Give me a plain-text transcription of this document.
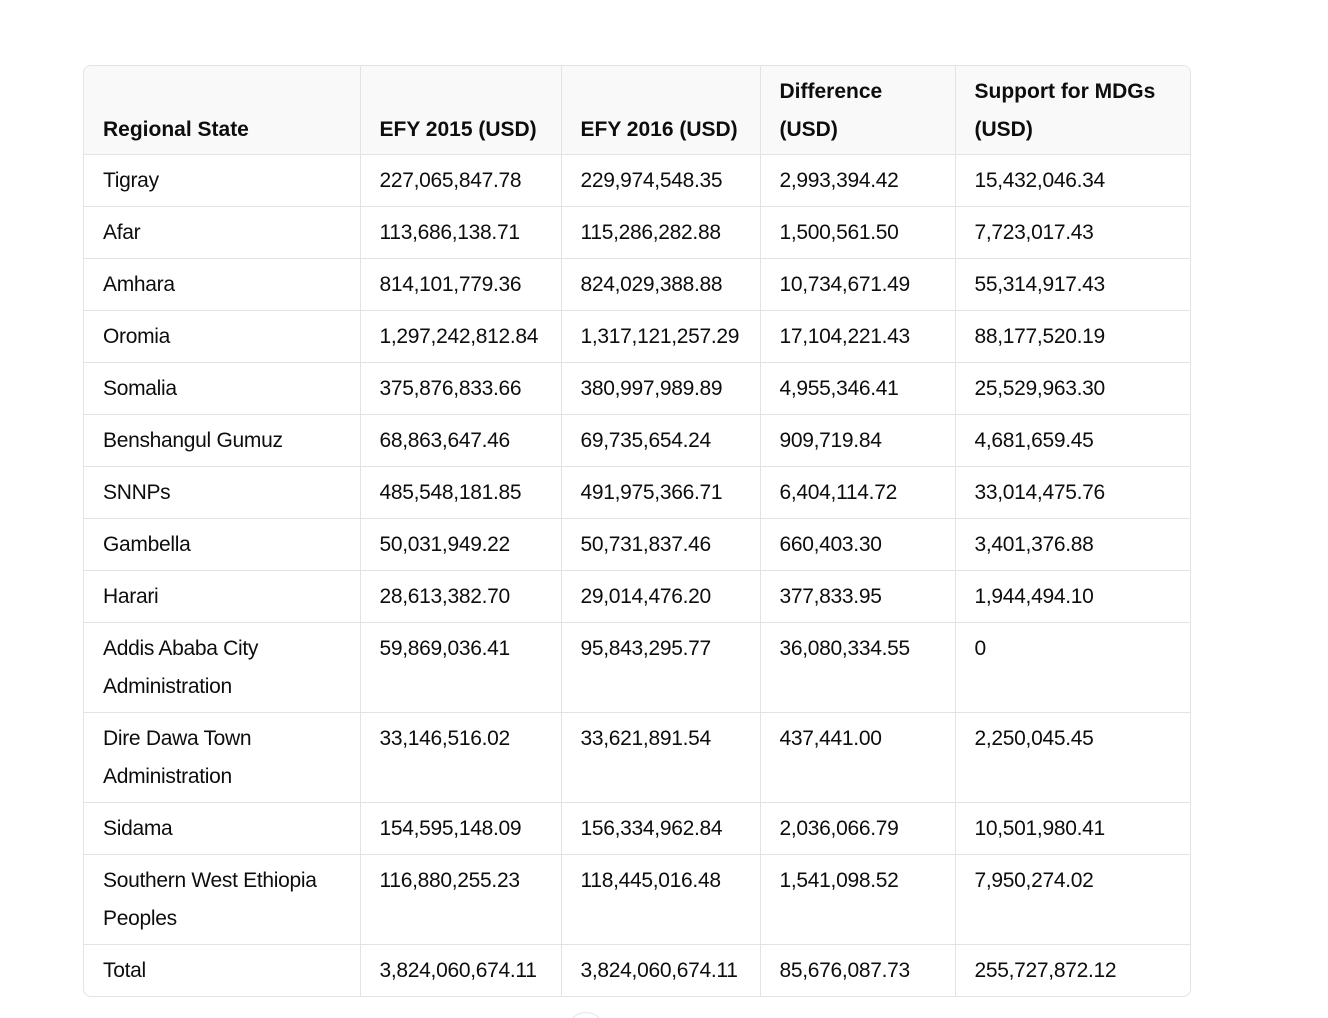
Regional State	EFY 2015 (USD)	EFY 2016 (USD)	Difference (USD)	Support for MDGs (USD)
Tigray	227,065,847.78	229,974,548.35	2,993,394.42	15,432,046.34
Afar	113,686,138.71	115,286,282.88	1,500,561.50	7,723,017.43
Amhara	814,101,779.36	824,029,388.88	10,734,671.49	55,314,917.43
Oromia	1,297,242,812.84	1,317,121,257.29	17,104,221.43	88,177,520.19
Somalia	375,876,833.66	380,997,989.89	4,955,346.41	25,529,963.30
Benshangul Gumuz	68,863,647.46	69,735,654.24	909,719.84	4,681,659.45
SNNPs	485,548,181.85	491,975,366.71	6,404,114.72	33,014,475.76
Gambella	50,031,949.22	50,731,837.46	660,403.30	3,401,376.88
Harari	28,613,382.70	29,014,476.20	377,833.95	1,944,494.10
Addis Ababa City Administration	59,869,036.41	95,843,295.77	36,080,334.55	0
Dire Dawa Town Administration	33,146,516.02	33,621,891.54	437,441.00	2,250,045.45
Sidama	154,595,148.09	156,334,962.84	2,036,066.79	10,501,980.41
Southern West Ethiopia Peoples	116,880,255.23	118,445,016.48	1,541,098.52	7,950,274.02
Total	3,824,060,674.11	3,824,060,674.11	85,676,087.73	255,727,872.12
